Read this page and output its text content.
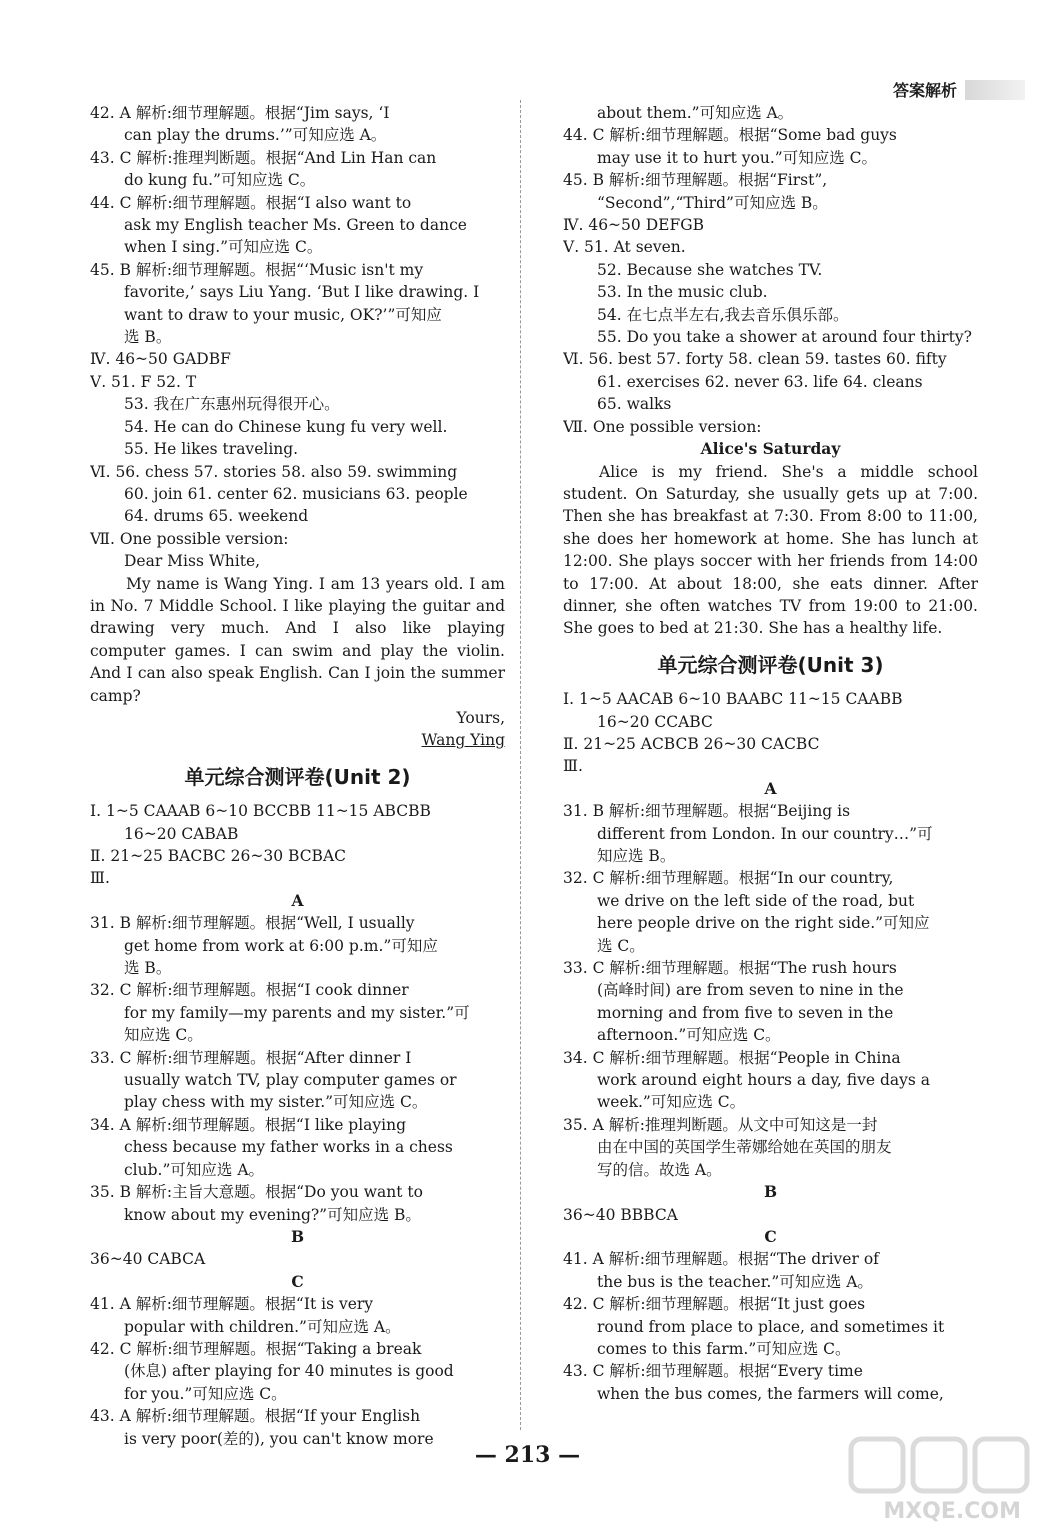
答案解析
42. A 解析:细节理解题。根据“Jim says, ‘I
can play the drums.’”可知应选 A。
43. C 解析:推理判断题。根据“And Lin Han can
do kung fu.”可知应选 C。
44. C 解析:细节理解题。根据“I also want to
ask my English teacher Ms. Green to dance
when I sing.”可知应选 C。
45. B 解析:细节理解题。根据“‘Music isn't my
favorite,’ says Liu Yang. ‘But I like drawing. I
want to draw to your music, OK?’”可知应
选 B。
Ⅳ. 46~50 GADBF
Ⅴ. 51. F 52. T
53. 我在广东惠州玩得很开心。
54. He can do Chinese kung fu very well.
55. He likes traveling.
Ⅵ. 56. chess 57. stories 58. also 59. swimming
60. join 61. center 62. musicians 63. people
64. drums 65. weekend
Ⅶ. One possible version:
Dear Miss White,
My name is Wang Ying. I am 13 years old. I am in No. 7 Middle School. I like playing the guitar and drawing very much. And I also like playing computer games. I can swim and play the violin. And I can also speak English. Can I join the summer camp?
Yours,
Wang Ying
单元综合测评卷(Unit 2)
Ⅰ. 1~5 CAAAB 6~10 BCCBB 11~15 ABCBB
16~20 CABAB
Ⅱ. 21~25 BACBC 26~30 BCBAC
Ⅲ.
A
31. B 解析:细节理解题。根据“Well, I usually
get home from work at 6:00 p.m.”可知应
选 B。
32. C 解析:细节理解题。根据“I cook dinner
for my family—my parents and my sister.”可
知应选 C。
33. C 解析:细节理解题。根据“After dinner I
usually watch TV, play computer games or
play chess with my sister.”可知应选 C。
34. A 解析:细节理解题。根据“I like playing
chess because my father works in a chess
club.”可知应选 A。
35. B 解析:主旨大意题。根据“Do you want to
know about my evening?”可知应选 B。
B
36~40 CABCA
C
41. A 解析:细节理解题。根据“It is very
popular with children.”可知应选 A。
42. C 解析:细节理解题。根据“Taking a break
(休息) after playing for 40 minutes is good
for you.”可知应选 C。
43. A 解析:细节理解题。根据“If your English
is very poor(差的), you can't know more
about them.”可知应选 A。
44. C 解析:细节理解题。根据“Some bad guys
may use it to hurt you.”可知应选 C。
45. B 解析:细节理解题。根据“First”,
“Second”,“Third”可知应选 B。
Ⅳ. 46~50 DEFGB
Ⅴ. 51. At seven.
52. Because she watches TV.
53. In the music club.
54. 在七点半左右,我去音乐俱乐部。
55. Do you take a shower at around four thirty?
Ⅵ. 56. best 57. forty 58. clean 59. tastes 60. fifty
61. exercises 62. never 63. life 64. cleans
65. walks
Ⅶ. One possible version:
Alice's Saturday
Alice is my friend. She's a middle school student. On Saturday, she usually gets up at 7:00. Then she has breakfast at 7:30. From 8:00 to 11:00, she does her homework at home. She has lunch at 12:00. She plays soccer with her friends from 14:00 to 17:00. At about 18:00, she eats dinner. After dinner, she often watches TV from 19:00 to 21:00. She goes to bed at 21:30. She has a healthy life.
单元综合测评卷(Unit 3)
Ⅰ. 1~5 AACAB 6~10 BAABC 11~15 CAABB
16~20 CCABC
Ⅱ. 21~25 ACBCB 26~30 CACBC
Ⅲ.
A
31. B 解析:细节理解题。根据“Beijing is
different from London. In our country…”可
知应选 B。
32. C 解析:细节理解题。根据“In our country,
we drive on the left side of the road, but
here people drive on the right side.”可知应
选 C。
33. C 解析:细节理解题。根据“The rush hours
(高峰时间) are from seven to nine in the
morning and from five to seven in the
afternoon.”可知应选 C。
34. C 解析:细节理解题。根据“People in China
work around eight hours a day, five days a
week.”可知应选 C。
35. A 解析:推理判断题。从文中可知这是一封
由在中国的英国学生蒂娜给她在英国的朋友
写的信。故选 A。
B
36~40 BBBCA
C
41. A 解析:细节理解题。根据“The driver of
the bus is the teacher.”可知应选 A。
42. C 解析:细节理解题。根据“It just goes
round from place to place, and sometimes it
comes to this farm.”可知应选 C。
43. C 解析:细节理解题。根据“Every time
when the bus comes, the farmers will come,
— 213 —
MXQE.COM
